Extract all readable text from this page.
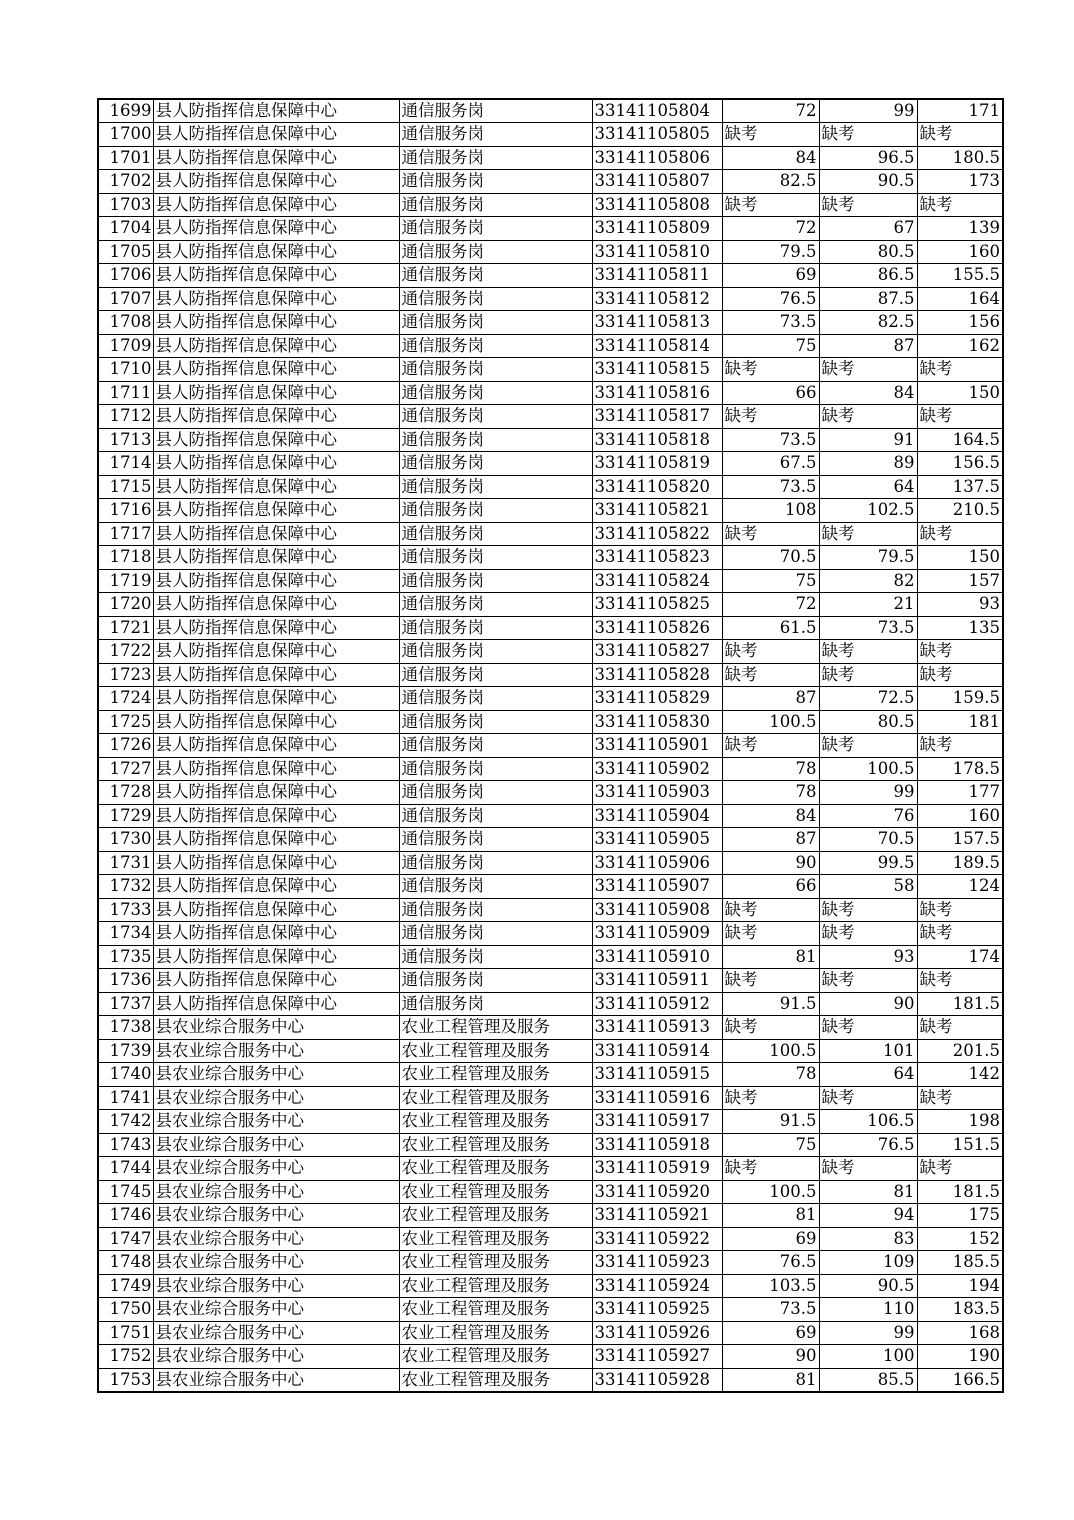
1699	县人防指挥信息保障中心	通信服务岗	33141105804	72	99	171
1700	县人防指挥信息保障中心	通信服务岗	33141105805	缺考	缺考	缺考
1701	县人防指挥信息保障中心	通信服务岗	33141105806	84	96.5	180.5
1702	县人防指挥信息保障中心	通信服务岗	33141105807	82.5	90.5	173
1703	县人防指挥信息保障中心	通信服务岗	33141105808	缺考	缺考	缺考
1704	县人防指挥信息保障中心	通信服务岗	33141105809	72	67	139
1705	县人防指挥信息保障中心	通信服务岗	33141105810	79.5	80.5	160
1706	县人防指挥信息保障中心	通信服务岗	33141105811	69	86.5	155.5
1707	县人防指挥信息保障中心	通信服务岗	33141105812	76.5	87.5	164
1708	县人防指挥信息保障中心	通信服务岗	33141105813	73.5	82.5	156
1709	县人防指挥信息保障中心	通信服务岗	33141105814	75	87	162
1710	县人防指挥信息保障中心	通信服务岗	33141105815	缺考	缺考	缺考
1711	县人防指挥信息保障中心	通信服务岗	33141105816	66	84	150
1712	县人防指挥信息保障中心	通信服务岗	33141105817	缺考	缺考	缺考
1713	县人防指挥信息保障中心	通信服务岗	33141105818	73.5	91	164.5
1714	县人防指挥信息保障中心	通信服务岗	33141105819	67.5	89	156.5
1715	县人防指挥信息保障中心	通信服务岗	33141105820	73.5	64	137.5
1716	县人防指挥信息保障中心	通信服务岗	33141105821	108	102.5	210.5
1717	县人防指挥信息保障中心	通信服务岗	33141105822	缺考	缺考	缺考
1718	县人防指挥信息保障中心	通信服务岗	33141105823	70.5	79.5	150
1719	县人防指挥信息保障中心	通信服务岗	33141105824	75	82	157
1720	县人防指挥信息保障中心	通信服务岗	33141105825	72	21	93
1721	县人防指挥信息保障中心	通信服务岗	33141105826	61.5	73.5	135
1722	县人防指挥信息保障中心	通信服务岗	33141105827	缺考	缺考	缺考
1723	县人防指挥信息保障中心	通信服务岗	33141105828	缺考	缺考	缺考
1724	县人防指挥信息保障中心	通信服务岗	33141105829	87	72.5	159.5
1725	县人防指挥信息保障中心	通信服务岗	33141105830	100.5	80.5	181
1726	县人防指挥信息保障中心	通信服务岗	33141105901	缺考	缺考	缺考
1727	县人防指挥信息保障中心	通信服务岗	33141105902	78	100.5	178.5
1728	县人防指挥信息保障中心	通信服务岗	33141105903	78	99	177
1729	县人防指挥信息保障中心	通信服务岗	33141105904	84	76	160
1730	县人防指挥信息保障中心	通信服务岗	33141105905	87	70.5	157.5
1731	县人防指挥信息保障中心	通信服务岗	33141105906	90	99.5	189.5
1732	县人防指挥信息保障中心	通信服务岗	33141105907	66	58	124
1733	县人防指挥信息保障中心	通信服务岗	33141105908	缺考	缺考	缺考
1734	县人防指挥信息保障中心	通信服务岗	33141105909	缺考	缺考	缺考
1735	县人防指挥信息保障中心	通信服务岗	33141105910	81	93	174
1736	县人防指挥信息保障中心	通信服务岗	33141105911	缺考	缺考	缺考
1737	县人防指挥信息保障中心	通信服务岗	33141105912	91.5	90	181.5
1738	县农业综合服务中心	农业工程管理及服务	33141105913	缺考	缺考	缺考
1739	县农业综合服务中心	农业工程管理及服务	33141105914	100.5	101	201.5
1740	县农业综合服务中心	农业工程管理及服务	33141105915	78	64	142
1741	县农业综合服务中心	农业工程管理及服务	33141105916	缺考	缺考	缺考
1742	县农业综合服务中心	农业工程管理及服务	33141105917	91.5	106.5	198
1743	县农业综合服务中心	农业工程管理及服务	33141105918	75	76.5	151.5
1744	县农业综合服务中心	农业工程管理及服务	33141105919	缺考	缺考	缺考
1745	县农业综合服务中心	农业工程管理及服务	33141105920	100.5	81	181.5
1746	县农业综合服务中心	农业工程管理及服务	33141105921	81	94	175
1747	县农业综合服务中心	农业工程管理及服务	33141105922	69	83	152
1748	县农业综合服务中心	农业工程管理及服务	33141105923	76.5	109	185.5
1749	县农业综合服务中心	农业工程管理及服务	33141105924	103.5	90.5	194
1750	县农业综合服务中心	农业工程管理及服务	33141105925	73.5	110	183.5
1751	县农业综合服务中心	农业工程管理及服务	33141105926	69	99	168
1752	县农业综合服务中心	农业工程管理及服务	33141105927	90	100	190
1753	县农业综合服务中心	农业工程管理及服务	33141105928	81	85.5	166.5
